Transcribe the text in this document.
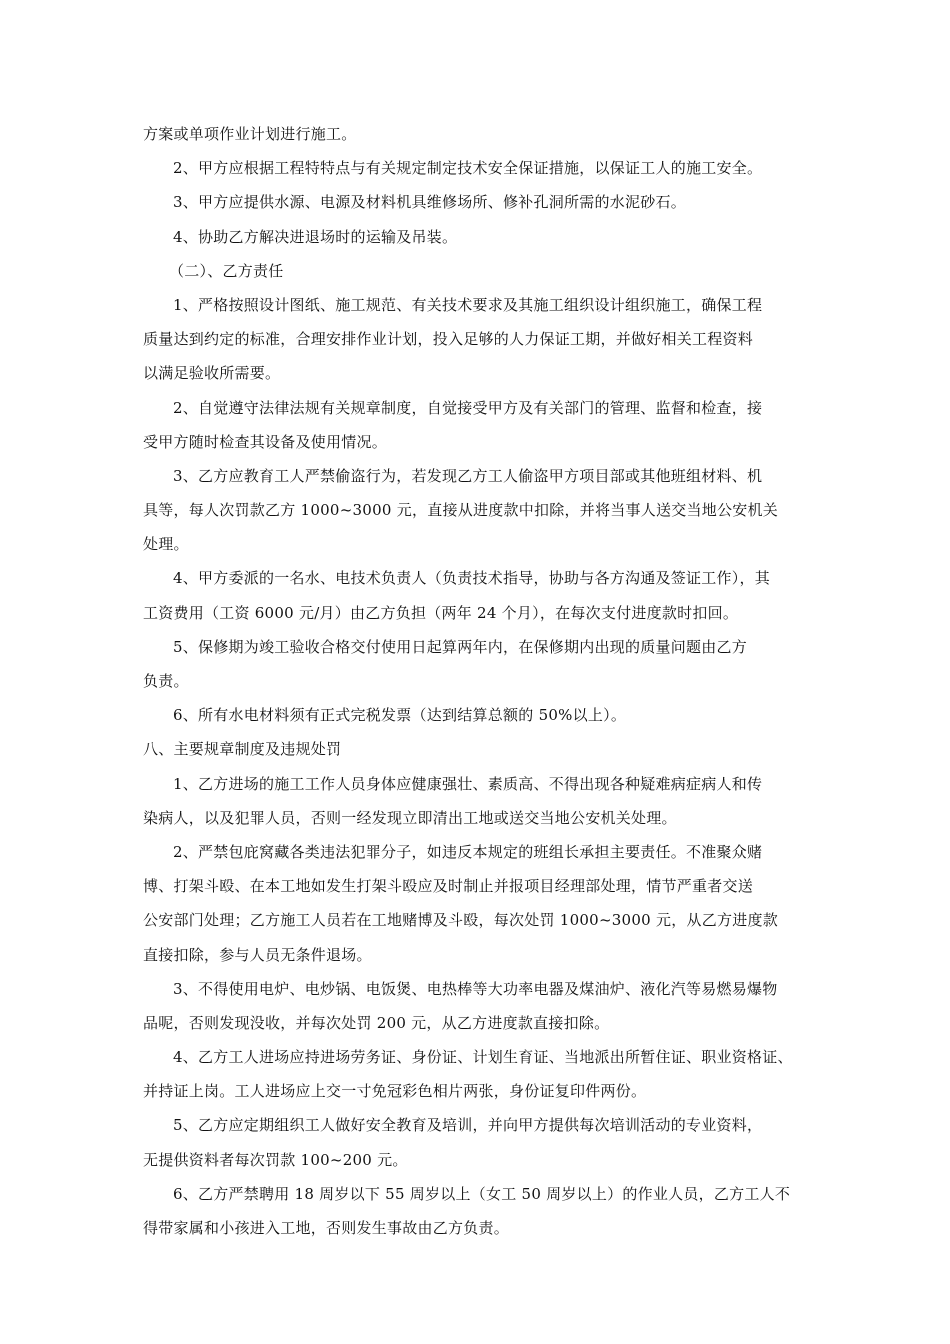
方案或单项作业计划进行施工。
2、甲方应根据工程特特点与有关规定制定技术安全保证措施，以保证工人的施工安全。
3、甲方应提供水源、电源及材料机具维修场所、修补孔洞所需的水泥砂石。
4、协助乙方解决进退场时的运输及吊装。
（二）、乙方责任
1、严格按照设计图纸、施工规范、有关技术要求及其施工组织设计组织施工，确保工程
质量达到约定的标准，合理安排作业计划，投入足够的人力保证工期，并做好相关工程资料
以满足验收所需要。
2、自觉遵守法律法规有关规章制度，自觉接受甲方及有关部门的管理、监督和检查，接
受甲方随时检查其设备及使用情况。
3、乙方应教育工人严禁偷盗行为，若发现乙方工人偷盗甲方项目部或其他班组材料、机
具等，每人次罚款乙方 1000~3000 元，直接从进度款中扣除，并将当事人送交当地公安机关
处理。
4、甲方委派的一名水、电技术负责人（负责技术指导，协助与各方沟通及签证工作），其
工资费用（工资 6000 元/月）由乙方负担（两年 24 个月），在每次支付进度款时扣回。
5、保修期为竣工验收合格交付使用日起算两年内，在保修期内出现的质量问题由乙方
负责。
6、所有水电材料须有正式完税发票（达到结算总额的 50%以上）。
八、主要规章制度及违规处罚
1、乙方进场的施工工作人员身体应健康强壮、素质高、不得出现各种疑难病症病人和传
染病人，以及犯罪人员，否则一经发现立即清出工地或送交当地公安机关处理。
2、严禁包庇窝藏各类违法犯罪分子，如违反本规定的班组长承担主要责任。不准聚众赌
博、打架斗殴、在本工地如发生打架斗殴应及时制止并报项目经理部处理，情节严重者交送
公安部门处理；乙方施工人员若在工地赌博及斗殴，每次处罚 1000~3000 元，从乙方进度款
直接扣除，参与人员无条件退场。
3、不得使用电炉、电炒锅、电饭煲、电热棒等大功率电器及煤油炉、液化汽等易燃易爆物
品呢，否则发现没收，并每次处罚 200 元，从乙方进度款直接扣除。
4、乙方工人进场应持进场劳务证、身份证、计划生育证、当地派出所暂住证、职业资格证、
并持证上岗。工人进场应上交一寸免冠彩色相片两张，身份证复印件两份。
5、乙方应定期组织工人做好安全教育及培训，并向甲方提供每次培训活动的专业资料，
无提供资料者每次罚款 100~200 元。
6、乙方严禁聘用 18 周岁以下 55 周岁以上（女工 50 周岁以上）的作业人员，乙方工人不
得带家属和小孩进入工地，否则发生事故由乙方负责。
